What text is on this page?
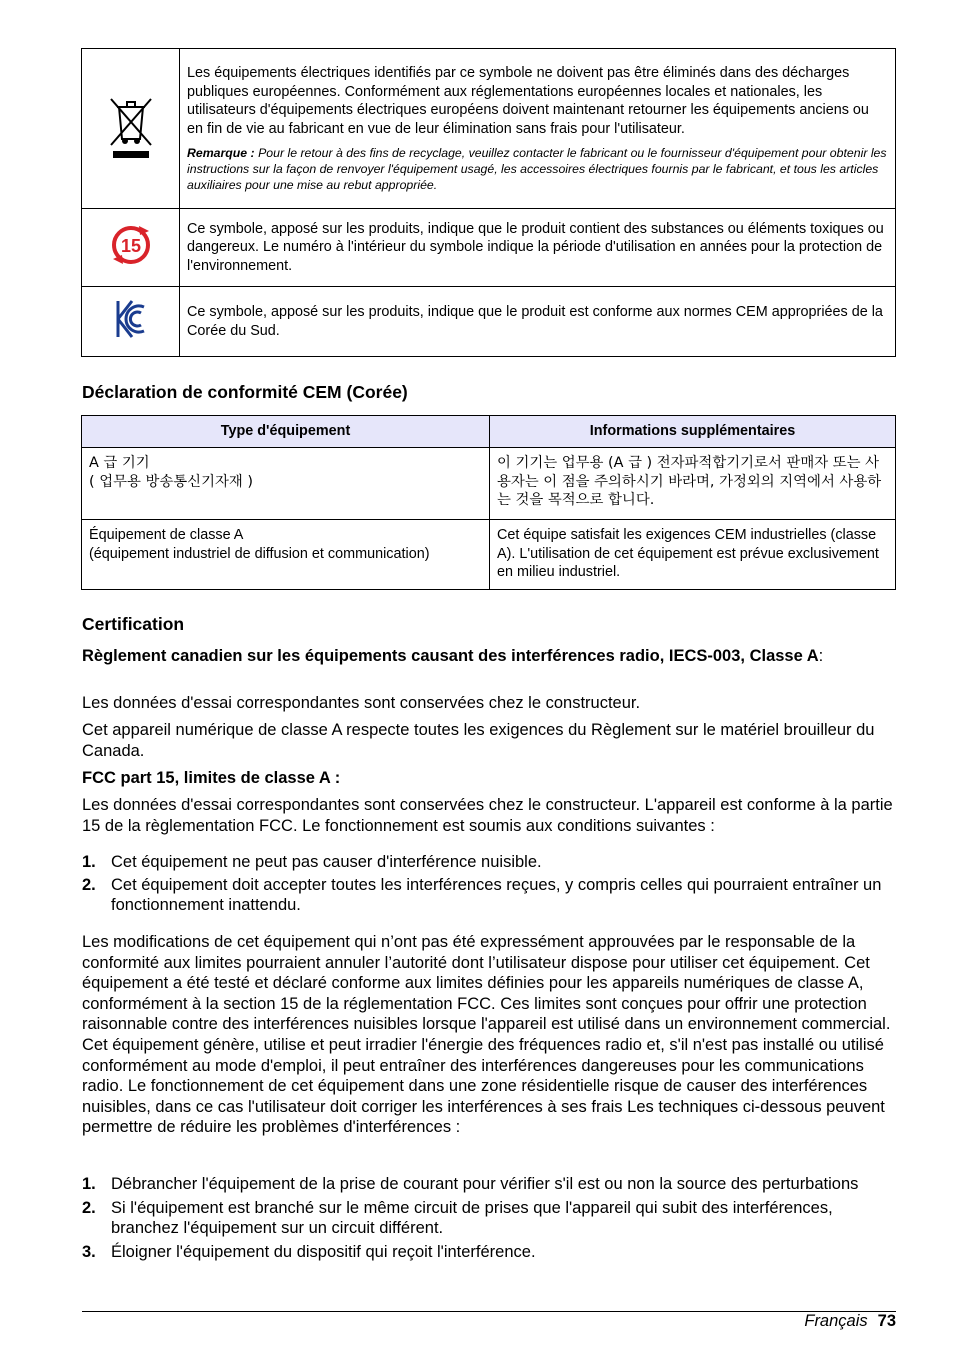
Les équipements électriques identifiés par ce symbole ne doivent pas être éliminés dans des décharges publiques européennes. Conformément aux réglementations européennes locales et nationales, les utilisateurs d'équipements électriques européens doivent maintenant retourner les équipements anciens ou en fin de vie au fabricant en vue de leur élimination sans frais pour l'utilisateur.
Remarque : Pour le retour à des fins de recyclage, veuillez contacter le fabricant ou le fournisseur d'équipement pour obtenir les instructions sur la façon de renvoyer l'équipement usagé, les accessoires électriques fournis par le fabricant, et tous les articles auxiliaires pour une mise au rebut appropriée.

15	Ce symbole, apposé sur les produits, indique que le produit contient des substances ou éléments toxiques ou dangereux. Le numéro à l'intérieur du symbole indique la période d'utilisation en années pour la protection de l'environnement.
	Ce symbole, apposé sur les produits, indique que le produit est conforme aux normes CEM appropriées de la Corée du Sud.
Déclaration de conformité CEM (Corée)
Type d'équipement	Informations supplémentaires

A 급 기기
( 업무용 방송통신기자재 )	이 기기는 업무용 (A 급 ) 전자파적합기기로서 판매자 또는 사용자는 이 점을 주의하시기 바라며, 가정외의 지역에서 사용하는 것을 목적으로 합니다.

Équipement de classe A
(équipement industriel de diffusion et communication)	Cet équipe satisfait les exigences CEM industrielles (classe A). L'utilisation de cet équipement est prévue exclusivement en milieu industriel.
Certification
Règlement canadien sur les équipements causant des interférences radio, IECS-003, Classe A:

Les données d'essai correspondantes sont conservées chez le constructeur.

Cet appareil numérique de classe A respecte toutes les exigences du Règlement sur le matériel brouilleur du Canada.

FCC part 15, limites de classe A :

Les données d'essai correspondantes sont conservées chez le constructeur. L'appareil est conforme à la partie 15 de la règlementation FCC. Le fonctionnement est soumis aux conditions suivantes :

1. Cet équipement ne peut pas causer d'interférence nuisible.
2. Cet équipement doit accepter toutes les interférences reçues, y compris celles qui pourraient entraîner un fonctionnement inattendu.

Les modifications de cet équipement qui n’ont pas été expressément approuvées par le responsable de la conformité aux limites pourraient annuler l’autorité dont l’utilisateur dispose pour utiliser cet équipement. Cet équipement a été testé et déclaré conforme aux limites définies pour les appareils numériques de classe A, conformément à la section 15 de la réglementation FCC. Ces limites sont conçues pour offrir une protection raisonnable contre des interférences nuisibles lorsque l'appareil est utilisé dans un environnement commercial. Cet équipement génère, utilise et peut irradier l'énergie des fréquences radio et, s'il n'est pas installé ou utilisé conformément au mode d'emploi, il peut entraîner des interférences dangereuses pour les communications radio. Le fonctionnement de cet équipement dans une zone résidentielle risque de causer des interférences nuisibles, dans ce cas l'utilisateur doit corriger les interférences à ses frais Les techniques ci-dessous peuvent permettre de réduire les problèmes d'interférences :

1. Débrancher l'équipement de la prise de courant pour vérifier s'il est ou non la source des perturbations
2. Si l'équipement est branché sur le même circuit de prises que l'appareil qui subit des interférences, branchez l'équipement sur un circuit différent.
3. Éloigner l'équipement du dispositif qui reçoit l'interférence.
Français 73
